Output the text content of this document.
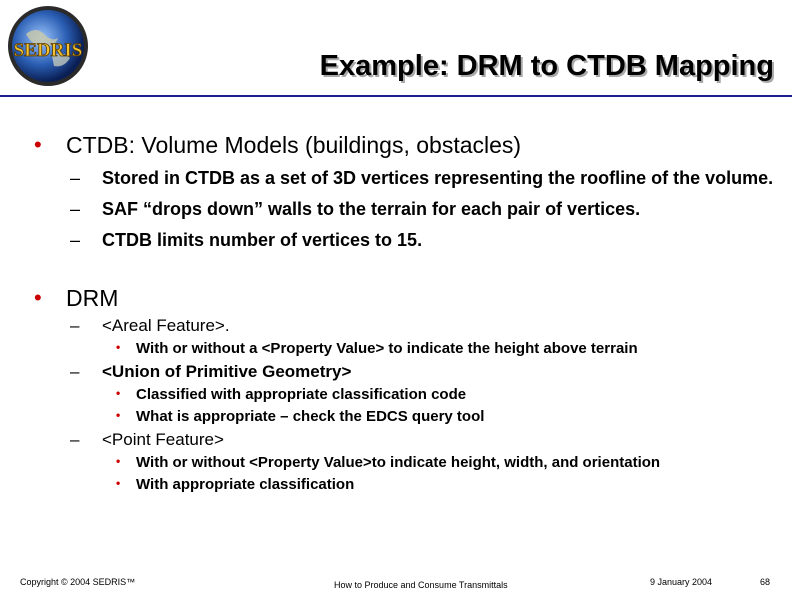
SEDRIS	Example: DRM to CTDB Mapping
• CTDB: Volume Models (buildings, obstacles)
– Stored in CTDB as a set of 3D vertices representing the roofline of the volume.
– SAF “drops down” walls to the terrain for each pair of vertices.
– CTDB limits number of vertices to 15.
• DRM
– <Areal Feature>.
• With or without a <Property Value> to indicate the height above terrain
– <Union of Primitive Geometry>
• Classified with appropriate classification code
• What is appropriate – check the EDCS query tool
– <Point Feature>
• With or without <Property Value>to indicate height, width, and orientation
• With appropriate classification
Copyright © 2004 SEDRIS™	How to Produce and Consume Transmittals	9 January 2004	68
